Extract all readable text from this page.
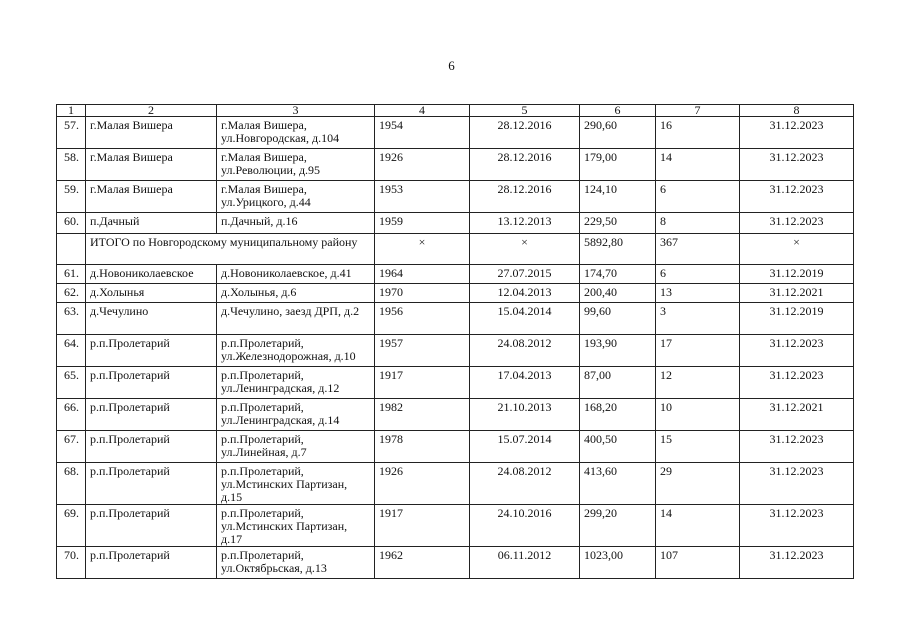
6
1	2	3	4	5	6	7	8
57.	г.Малая Вишера	г.Малая Вишера, ул.Новгородская, д.104	1954	28.12.2016	290,60	16	31.12.2023
58.	г.Малая Вишера	г.Малая Вишера, ул.Революции, д.95	1926	28.12.2016	179,00	14	31.12.2023
59.	г.Малая Вишера	г.Малая Вишера, ул.Урицкого, д.44	1953	28.12.2016	124,10	6	31.12.2023
60.	п.Дачный	п.Дачный, д.16	1959	13.12.2013	229,50	8	31.12.2023
	ИТОГО по Новгородскому муниципальному району		×	×	5892,80	367	×
61.	д.Новониколаевское	д.Новониколаевское, д.41	1964	27.07.2015	174,70	6	31.12.2019
62.	д.Холынья	д.Холынья, д.6	1970	12.04.2013	200,40	13	31.12.2021
63.	д.Чечулино	д.Чечулино, заезд ДРП, д.2	1956	15.04.2014	99,60	3	31.12.2019
64.	р.п.Пролетарий	р.п.Пролетарий, ул.Железнодорожная, д.10	1957	24.08.2012	193,90	17	31.12.2023
65.	р.п.Пролетарий	р.п.Пролетарий, ул.Ленинградская, д.12	1917	17.04.2013	87,00	12	31.12.2023
66.	р.п.Пролетарий	р.п.Пролетарий, ул.Ленинградская, д.14	1982	21.10.2013	168,20	10	31.12.2021
67.	р.п.Пролетарий	р.п.Пролетарий, ул.Линейная, д.7	1978	15.07.2014	400,50	15	31.12.2023
68.	р.п.Пролетарий	р.п.Пролетарий, ул.Мстинских Партизан, д.15	1926	24.08.2012	413,60	29	31.12.2023
69.	р.п.Пролетарий	р.п.Пролетарий, ул.Мстинских Партизан, д.17	1917	24.10.2016	299,20	14	31.12.2023
70.	р.п.Пролетарий	р.п.Пролетарий, ул.Октябрьская, д.13	1962	06.11.2012	1023,00	107	31.12.2023
